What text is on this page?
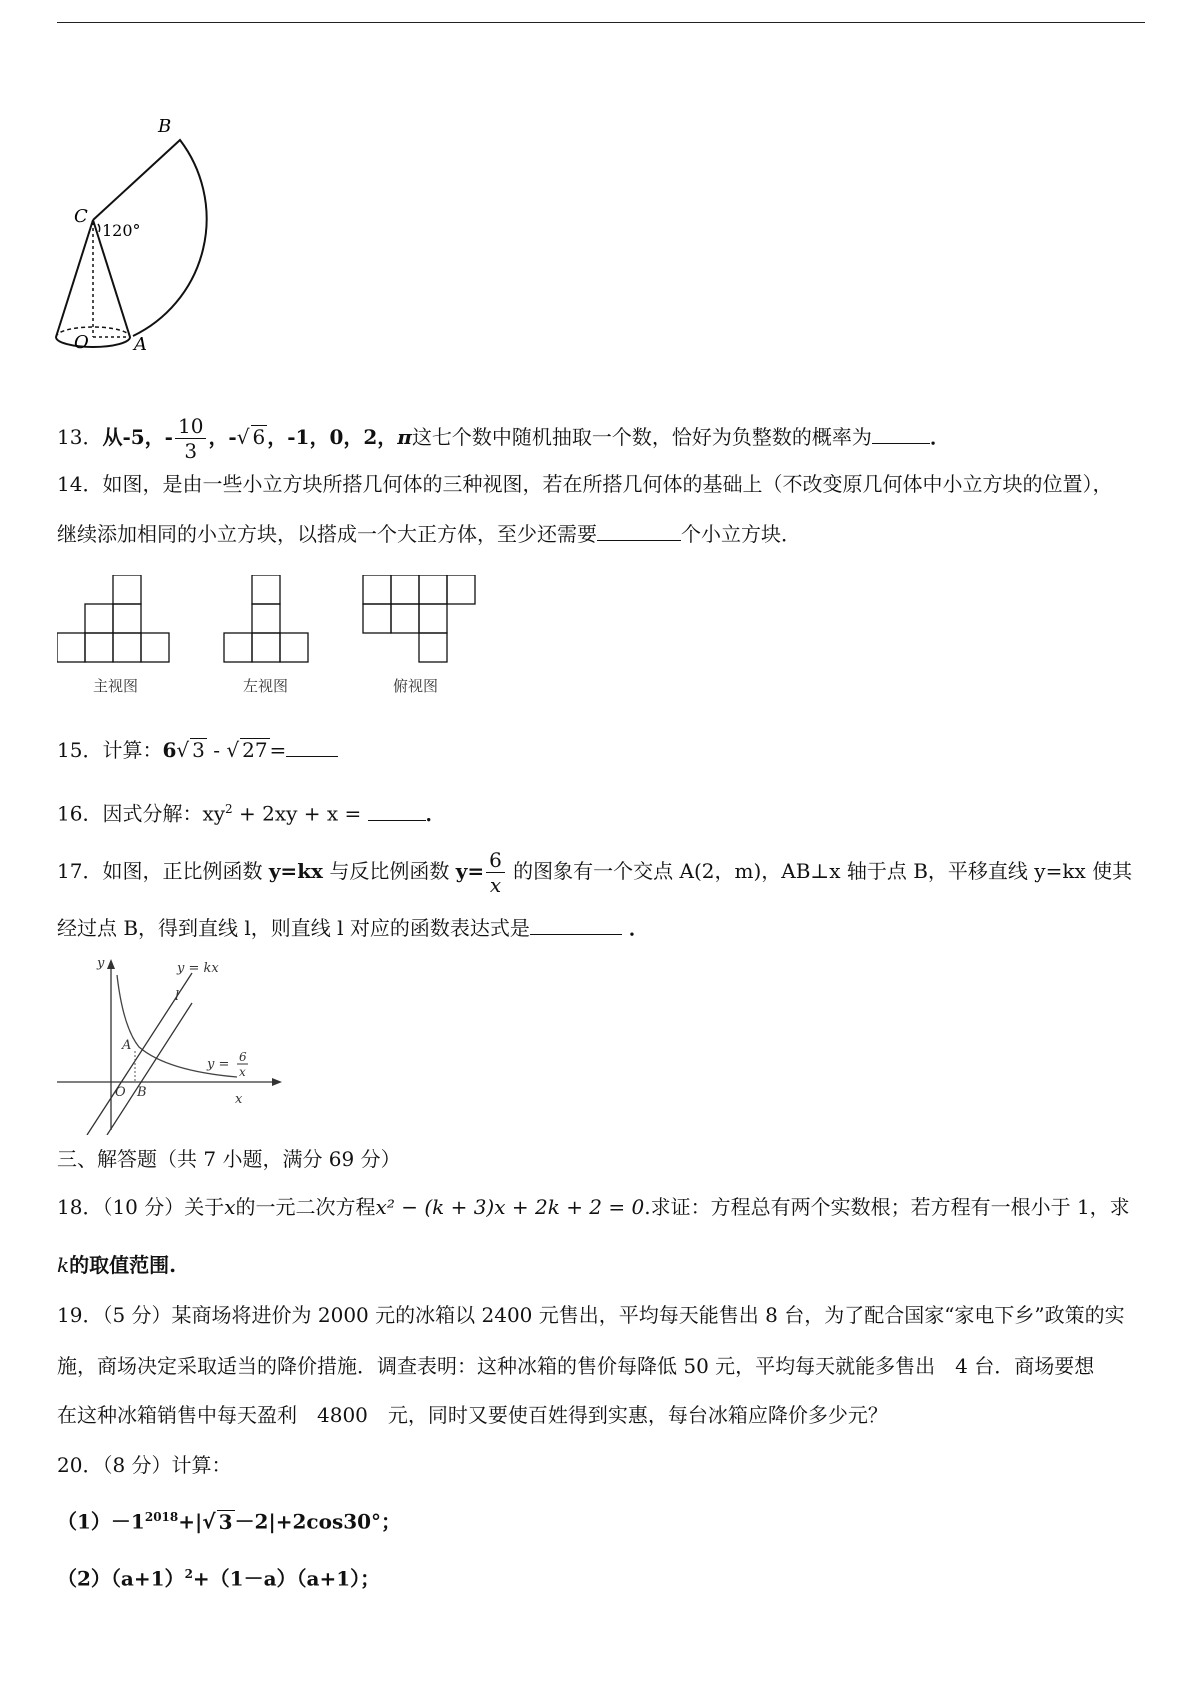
B
C
120°
O	A
13．从-5，- $\frac{10}{3}$ ，-√ 6 ，-1，0，2，π这七个数中随机抽取一个数，恰好为负整数的概率为	．
14．如图，是由一些小立方块所搭几何体的三种视图，若在所搭几何体的基础上（不改变原几何体中小立方块的位置），
继续添加相同的小立方块，以搭成一个大正方体，至少还需要	个小立方块．
主视图	左视图	俯视图
15．计算：6√ 3 - √ 27 =
16．因式分解：$xy^2 + 2xy + x$ =	．
17．如图，正比例函数 y=kx 与反比例函数 $y= \frac{6}{x}$ 的图象有一个交点 A(2，m)，AB⊥x 轴于点 B，平移直线 y=kx 使其
经过点 B，得到直线 l，则直线 l 对应的函数表达式是	．
y
x
y = kx
l
A
O B
y = 6
x
三、解答题（共 7 小题，满分 69 分）
18．（10 分）关于x的一元二次方程x² − (k + 3)x + 2k + 2 = 0.求证：方程总有两个实数根；若方程有一根小于 1，求
k的取值范围.
19．（5 分）某商场将进价为 2000 元的冰箱以 2400 元售出，平均每天能售出 8 台，为了配合国家“家电下乡”政策的实
施，商场决定采取适当的降价措施．调查表明：这种冰箱的售价每降低 50 元，平均每天就能多售出　4 台．商场要想
在这种冰箱销售中每天盈利　4800　元，同时又要使百姓得到实惠，每台冰箱应降价多少元？
20．（8 分）计算：
$(1)-1^{2018}+|√$ 3 －2|+2cos30°；
$(2)(a+1)^2+(1-a)(a+1)$；
